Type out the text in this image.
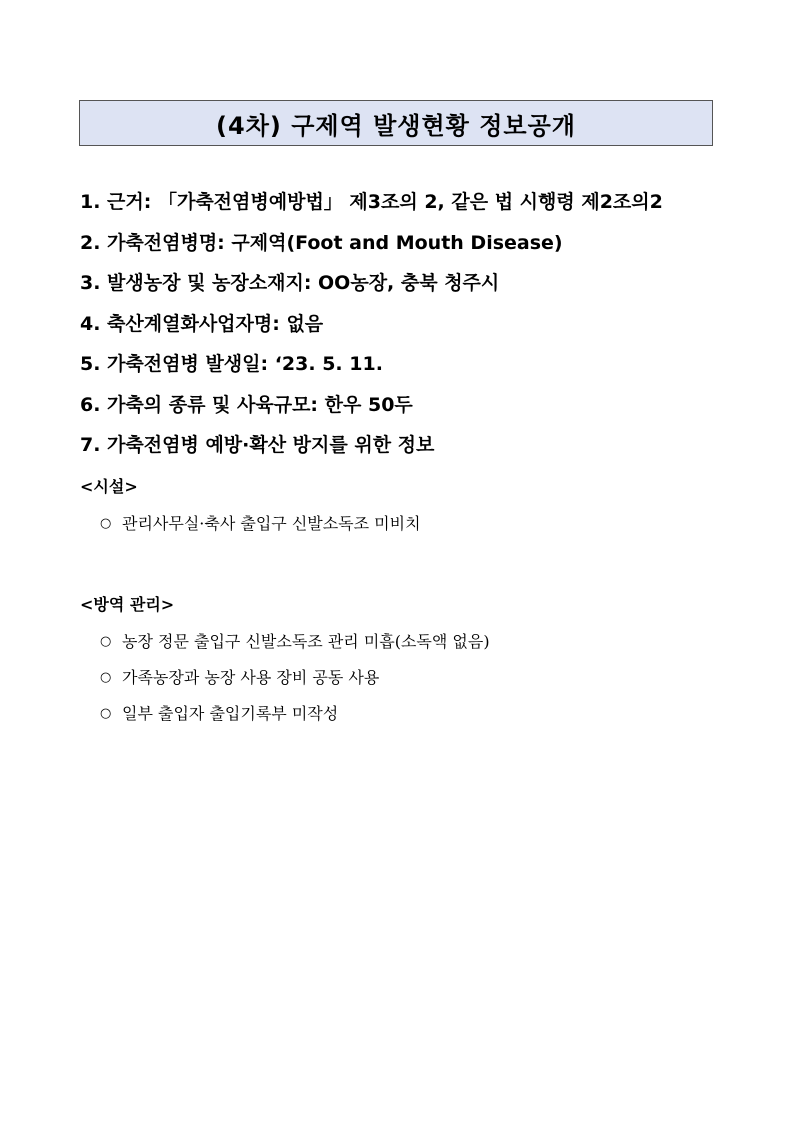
(4차) 구제역 발생현황 정보공개
1. 근거: 「가축전염병예방법」 제3조의 2, 같은 법 시행령 제2조의2
2. 가축전염병명: 구제역(Foot and Mouth Disease)
3. 발생농장 및 농장소재지: OO농장, 충북 청주시
4. 축산계열화사업자명: 없음
5. 가축전염병 발생일: ‘23. 5. 11.
6. 가축의 종류 및 사육규모: 한우 50두
7. 가축전염병 예방·확산 방지를 위한 정보
<시설>
○ 관리사무실·축사 출입구 신발소독조 미비치
<방역 관리>
○ 농장 정문 출입구 신발소독조 관리 미흡(소독액 없음)
○ 가족농장과 농장 사용 장비 공동 사용
○ 일부 출입자 출입기록부 미작성
